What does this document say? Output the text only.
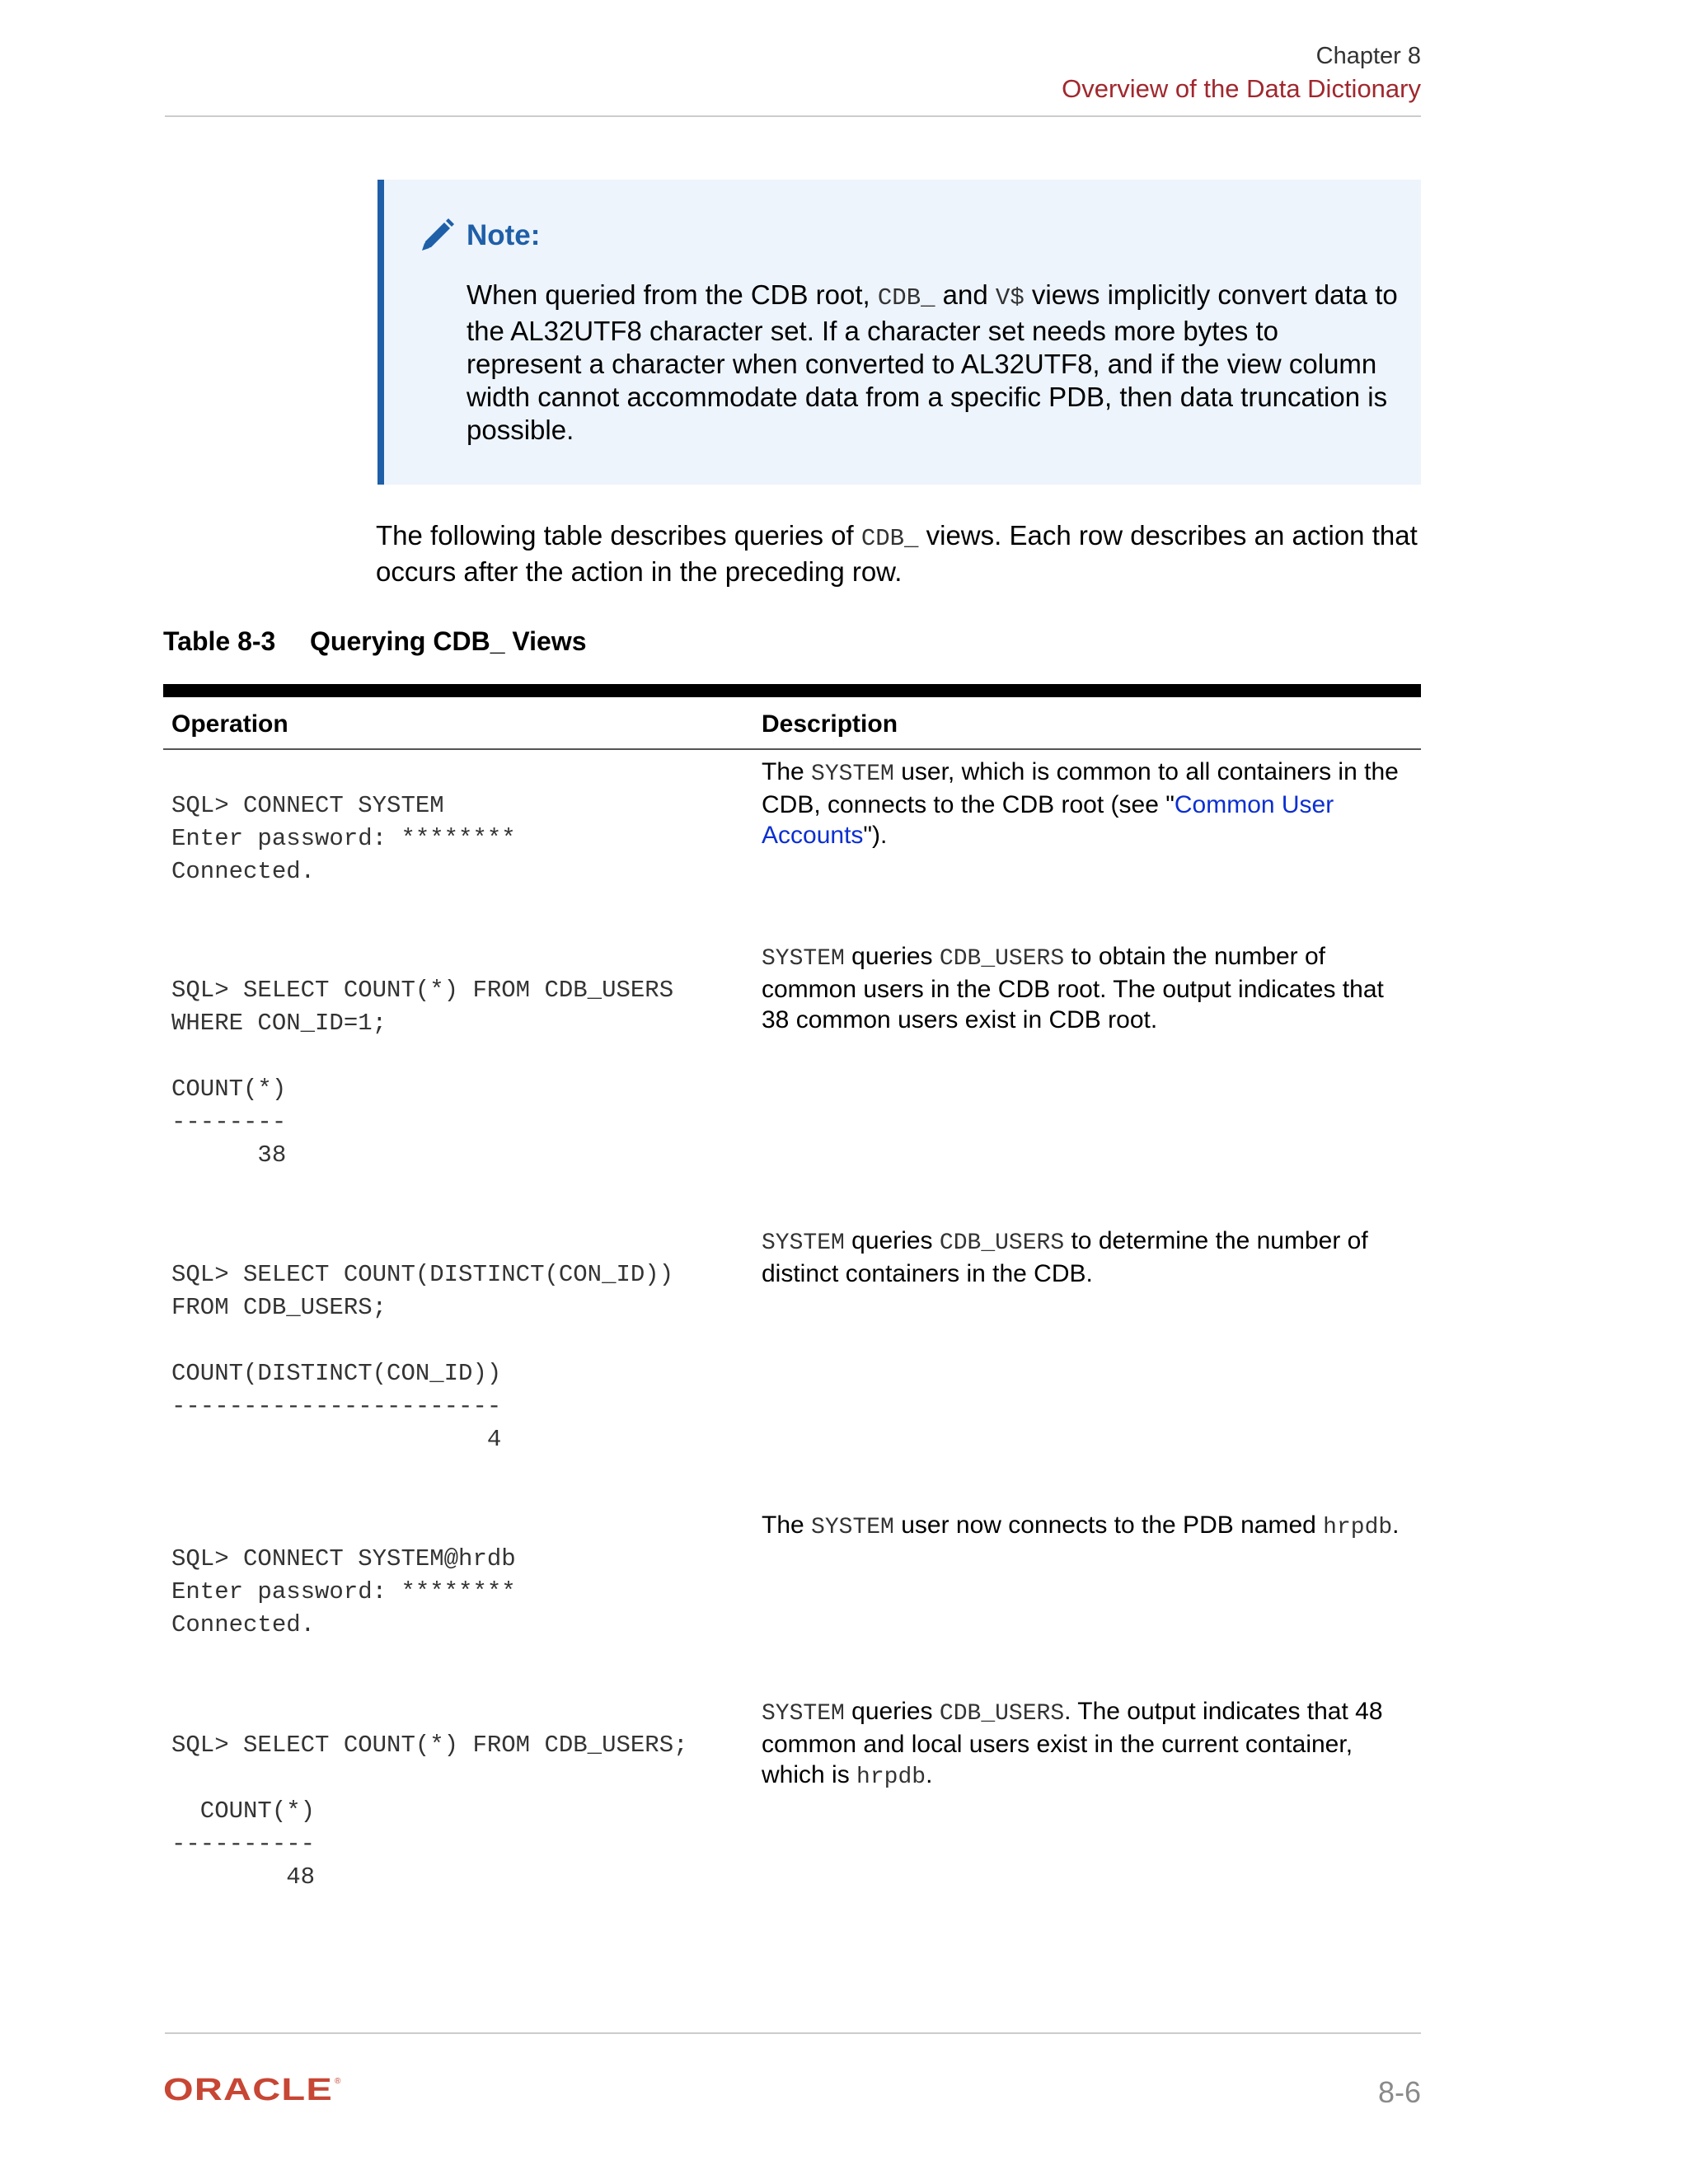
Chapter 8
Overview of the Data Dictionary
Note:
When queried from the CDB root, CDB_ and V$ views implicitly convert data to the AL32UTF8 character set. If a character set needs more bytes to represent a character when converted to AL32UTF8, and if the view column width cannot accommodate data from a specific PDB, then data truncation is possible.
The following table describes queries of CDB_ views. Each row describes an action that occurs after the action in the preceding row.
Table 8-3 Querying CDB_ Views
Operation	Description
SQL> CONNECT SYSTEM
Enter password: ********
Connected.
The SYSTEM user, which is common to all containers in the CDB, connects to the CDB root (see "Common User Accounts").
SQL> SELECT COUNT(*) FROM CDB_USERS
WHERE CON_ID=1;

COUNT(*)
--------
38
SYSTEM queries CDB_USERS to obtain the number of common users in the CDB root. The output indicates that 38 common users exist in CDB root.
SQL> SELECT COUNT(DISTINCT(CON_ID))
FROM CDB_USERS;

COUNT(DISTINCT(CON_ID))
-----------------------
4
SYSTEM queries CDB_USERS to determine the number of distinct containers in the CDB.
SQL> CONNECT SYSTEM@hrdb
Enter password: ********
Connected.
The SYSTEM user now connects to the PDB named hrpdb.
SQL> SELECT COUNT(*) FROM CDB_USERS;

COUNT(*)
----------
48
SYSTEM queries CDB_USERS. The output indicates that 48 common and local users exist in the current container, which is hrpdb.
ORACLE ®	8-6
